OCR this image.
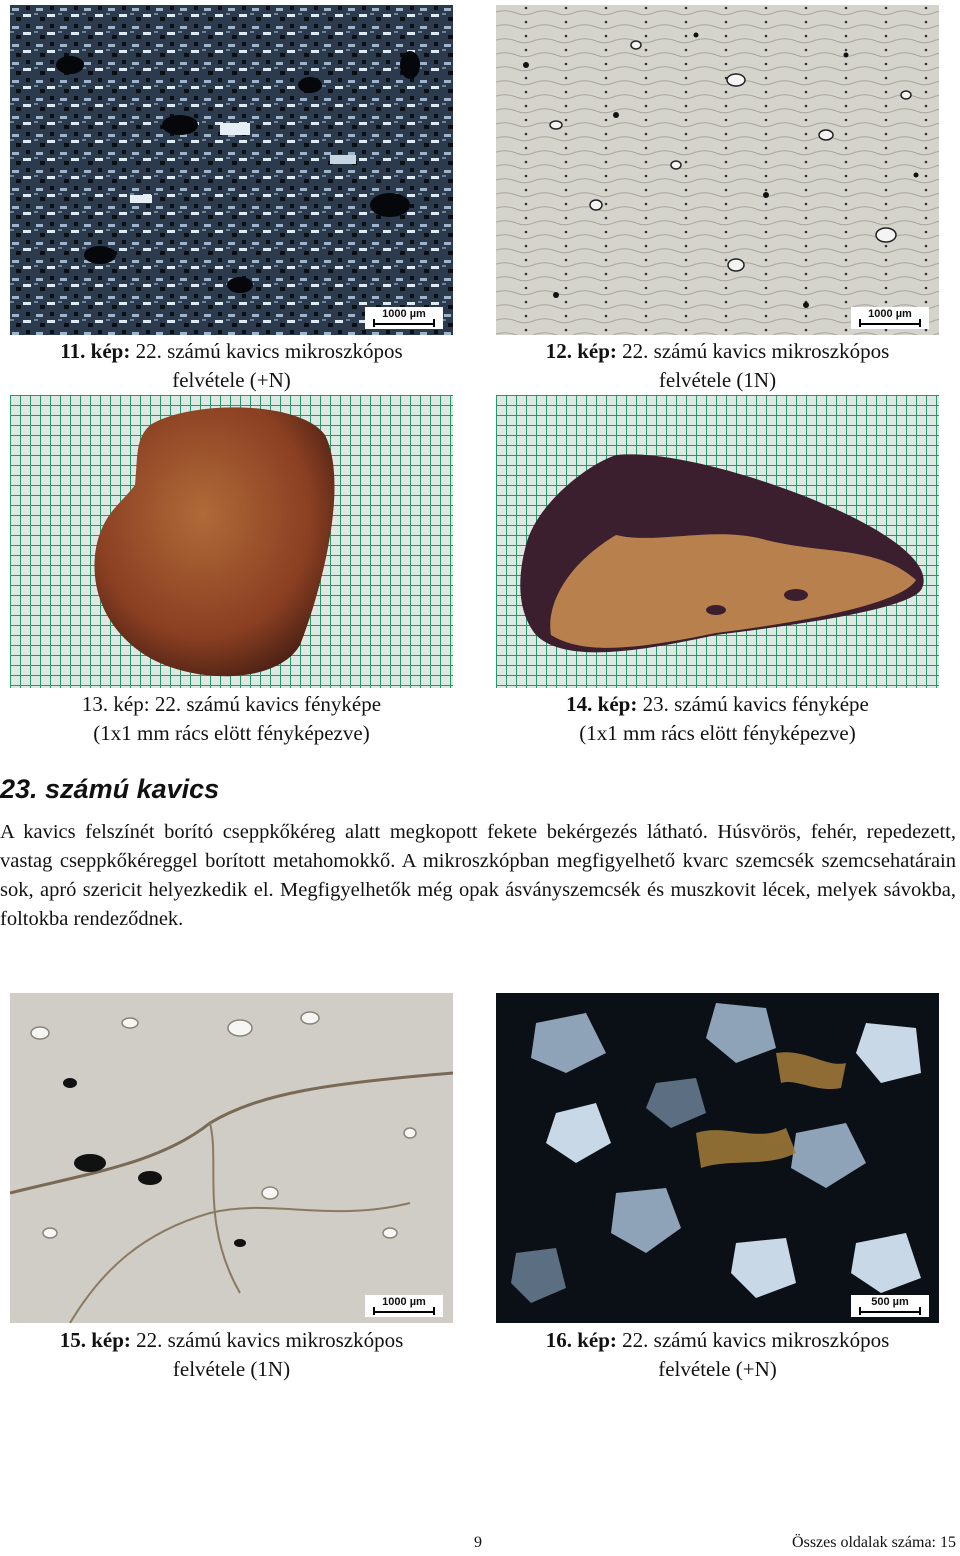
1000 µm
11. kép: 22. számú kavics mikroszkópos
felvétele (+N)
1000 µm
12. kép: 22. számú kavics mikroszkópos
felvétele (1N)
13. kép: 22. számú kavics fényképe
(1x1 mm rács elött fényképezve)
14. kép: 23. számú kavics fényképe
(1x1 mm rács elött fényképezve)
23. számú kavics
A kavics felszínét borító cseppkőkéreg alatt megkopott fekete bekérgezés látható. Húsvörös, fehér, repedezett, vastag cseppkőkéreggel borított metahomokkő. A mikroszkópban megfigyelhető kvarc szemcsék szemcsehatárain sok, apró szericit helyezkedik el. Megfigyelhetők még opak ásványszemcsék és muszkovit lécek, melyek sávokba, foltokba rendeződnek.
1000 µm
15. kép: 22. számú kavics mikroszkópos
felvétele (1N)
500 µm
16. kép: 22. számú kavics mikroszkópos
felvétele (+N)
9	Összes oldalak száma: 15
